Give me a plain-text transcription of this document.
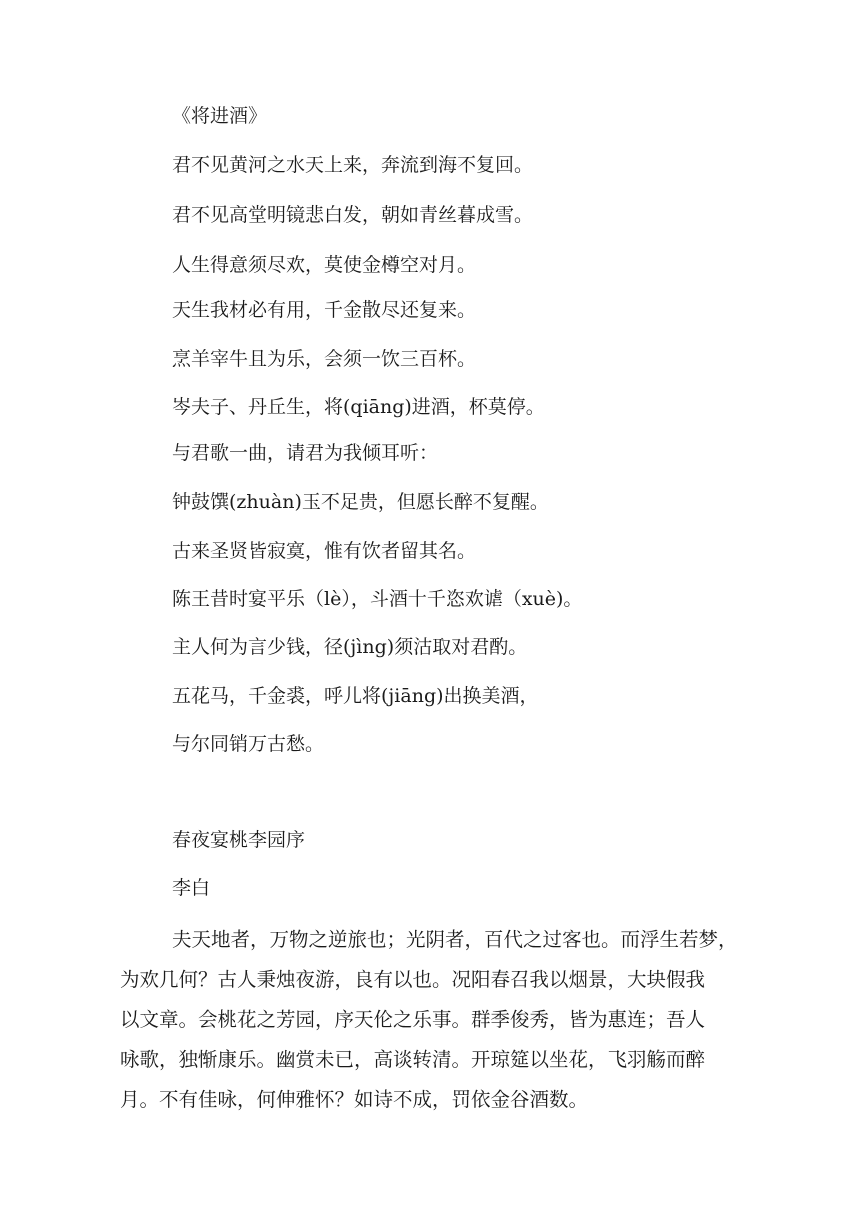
《将进酒》
君不见黄河之水天上来，奔流到海不复回。
君不见高堂明镜悲白发，朝如青丝暮成雪。
人生得意须尽欢，莫使金樽空对月。
天生我材必有用，千金散尽还复来。
烹羊宰牛且为乐，会须一饮三百杯。
岑夫子、丹丘生，将(qiāng)进酒，杯莫停。
与君歌一曲，请君为我倾耳听：
钟鼓馔(zhuàn)玉不足贵，但愿长醉不复醒。
古来圣贤皆寂寞，惟有饮者留其名。
陈王昔时宴平乐（lè），斗酒十千恣欢谑（xuè)。
主人何为言少钱，径(jìng)须沽取对君酌。
五花马，千金裘，呼儿将(jiāng)出换美酒，
与尔同销万古愁。
春夜宴桃李园序
李白
夫天地者，万物之逆旅也；光阴者，百代之过客也。而浮生若梦，
为欢几何？古人秉烛夜游，良有以也。况阳春召我以烟景，大块假我
以文章。会桃花之芳园，序天伦之乐事。群季俊秀，皆为惠连；吾人
咏歌，独惭康乐。幽赏未已，高谈转清。开琼筵以坐花，飞羽觞而醉
月。不有佳咏，何伸雅怀？如诗不成，罚依金谷酒数。
